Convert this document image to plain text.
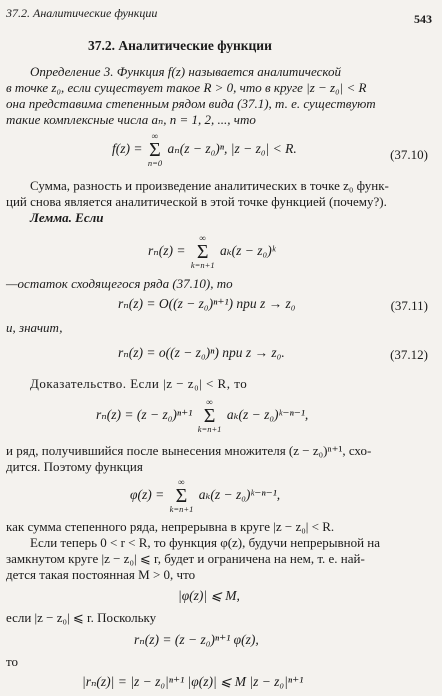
37.2. Аналитические функции	543
37.2. Аналитические функции
Определение 3. Функция f(z) называется аналитической
в точке z₀, если существует такое R > 0, что в круге |z − z₀| < R
она представима степенным рядом вида (37.1), т. е. существуют
такие комплексные числа aₙ, n = 1, 2, ..., что
f(z) =
∞
Σ
n=0
aₙ(z − z₀)ⁿ, |z − z₀| < R.	(37.10)
Сумма, разность и произведение аналитических в точке z₀ функ-
ций снова является аналитической в этой точке функцией (почему?).
Лемма. Если
rₙ(z) =
∞
Σ
k=n+1
aₖ(z − z₀)ᵏ
—остаток сходящегося ряда (37.10), то
rₙ(z) = O((z − z₀)ⁿ⁺¹) при z → z₀	(37.11)
и, значит,
rₙ(z) = o((z − z₀)ⁿ) при z → z₀.	(37.12)
Доказательство. Если |z − z₀| < R, то
rₙ(z) = (z − z₀)ⁿ⁺¹
∞
Σ
k=n+1
aₖ(z − z₀)ᵏ⁻ⁿ⁻¹,
и ряд, получившийся после вынесения множителя (z − z₀)ⁿ⁺¹, схо-
дится. Поэтому функция
φ(z) =
∞
Σ
k=n+1
aₖ(z − z₀)ᵏ⁻ⁿ⁻¹,
как сумма степенного ряда, непрерывна в круге |z − z₀| < R.
Если теперь 0 < r < R, то функция φ(z), будучи непрерывной на
замкнутом круге |z − z₀| ⩽ r, будет и ограничена на нем, т. е. най-
дется такая постоянная M > 0, что
|φ(z)| ⩽ M,
если |z − z₀| ⩽ r. Поскольку
rₙ(z) = (z − z₀)ⁿ⁺¹ φ(z),
то
|rₙ(z)| = |z − z₀|ⁿ⁺¹ |φ(z)| ⩽ M |z − z₀|ⁿ⁺¹
